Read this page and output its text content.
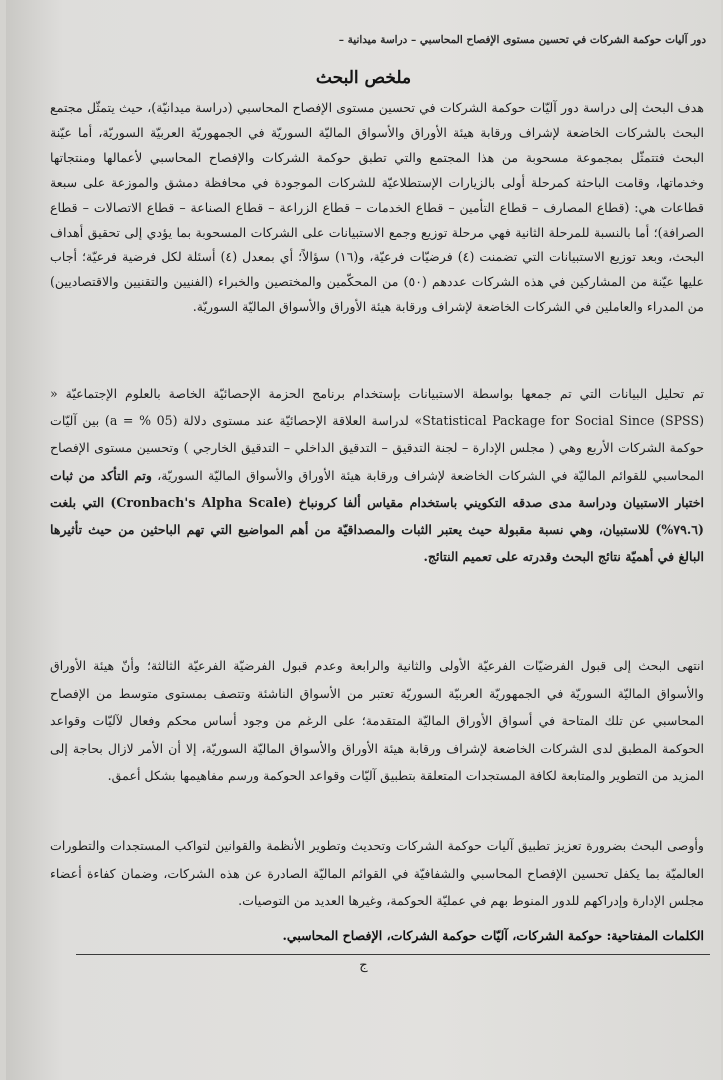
دور آليات حوكمة الشركات في تحسين مستوى الإفصاح المحاسبي – دراسة ميدانية –
ملخص البحث
هدف البحث إلى دراسة دور آليّات حوكمة الشركات في تحسين مستوى الإفصاح المحاسبي (دراسة ميدانيّة)، حيث يتمثّل مجتمع البحث بالشركات الخاضعة لإشراف ورقابة هيئة الأوراق والأسواق الماليّة السوريّة في الجمهوريّة العربيّة السوريّة، أما عيّنة البحث فتتمثّل بمجموعة مسحوبة من هذا المجتمع والتي تطبق حوكمة الشركات والإفصاح المحاسبي لأعمالها ومنتجاتها وخدماتها، وقامت الباحثة كمرحلة أولى بالزيارات الإستطلاعيّة للشركات الموجودة في محافظة دمشق والموزعة على سبعة قطاعات هي: (قطاع المصارف – قطاع التأمين – قطاع الخدمات – قطاع الزراعة – قطاع الصناعة – قطاع الاتصالات – قطاع الصرافة)؛ أما بالنسبة للمرحلة الثانية فهي مرحلة توزيع وجمع الاستبيانات على الشركات المسحوبة بما يؤدي إلى تحقيق أهداف البحث، وبعد توزيع الاستبيانات التي تضمنت (٤) فرضيّات فرعيّة، و(١٦) سؤالاً؛ أي بمعدل (٤) أسئلة لكل فرضية فرعيّة؛ أجاب عليها عيّنة من المشاركين في هذه الشركات عددهم (٥٠) من المحكّمين والمختصين والخبراء (الفنيين والتقنيين والاقتصاديين) من المدراء والعاملين في الشركات الخاضعة لإشراف ورقابة هيئة الأوراق والأسواق الماليّة السوريّة.
تم تحليل البيانات التي تم جمعها بواسطة الاستبيانات بإستخدام برنامج الحزمة الإحصائيّة الخاصة بالعلوم الإجتماعيّة « Statistical Package for Social Since (SPSS)» لدراسة العلاقة الإحصائيّة عند مستوى دلالة (05 % = a) بين آليّات حوكمة الشركات الأربع وهي ( مجلس الإدارة – لجنة التدقيق – التدقيق الداخلي – التدقيق الخارجي ) وتحسين مستوى الإفصاح المحاسبي للقوائم الماليّة في الشركات الخاضعة لإشراف ورقابة هيئة الأوراق والأسواق الماليّة السوريّة، وتم التأكد من ثبات اختبار الاستبيان ودراسة مدى صدقه التكويني باستخدام مقياس ألفا كرونباخ (Cronbach's Alpha Scale) التي بلغت (٧٩.٦%) للاستبيان، وهي نسبة مقبولة حيث يعتبر الثبات والمصداقيّة من أهم المواضيع التي تهم الباحثين من حيث تأثيرها البالغ في أهميّة نتائج البحث وقدرته على تعميم النتائج.
انتهى البحث إلى قبول الفرضيّات الفرعيّة الأولى والثانية والرابعة وعدم قبول الفرضيّة الفرعيّة الثالثة؛ وأنّ هيئة الأوراق والأسواق الماليّة السوريّة في الجمهوريّة العربيّة السوريّة تعتبر من الأسواق الناشئة وتتصف بمستوى متوسط من الإفصاح المحاسبي عن تلك المتاحة في أسواق الأوراق الماليّة المتقدمة؛ على الرغم من وجود أساس محكم وفعال لآليّات وقواعد الحوكمة المطبق لدى الشركات الخاضعة لإشراف ورقابة هيئة الأوراق والأسواق الماليّة السوريّة، إلا أن الأمر لازال بحاجة إلى المزيد من التطوير والمتابعة لكافة المستجدات المتعلقة بتطبيق آليّات وقواعد الحوكمة ورسم مفاهيمها بشكل أعمق.
وأوصى البحث بضرورة تعزيز تطبيق آليات حوكمة الشركات وتحديث وتطوير الأنظمة والقوانين لتواكب المستجدات والتطورات العالميّة بما يكفل تحسين الإفصاح المحاسبي والشفافيّة في القوائم الماليّة الصادرة عن هذه الشركات، وضمان كفاءة أعضاء مجلس الإدارة وإدراكهم للدور المنوط بهم في عمليّة الحوكمة، وغيرها العديد من التوصيات.
الكلمات المفتاحية: حوكمة الشركات، آليّات حوكمة الشركات، الإفصاح المحاسبي.
ج
